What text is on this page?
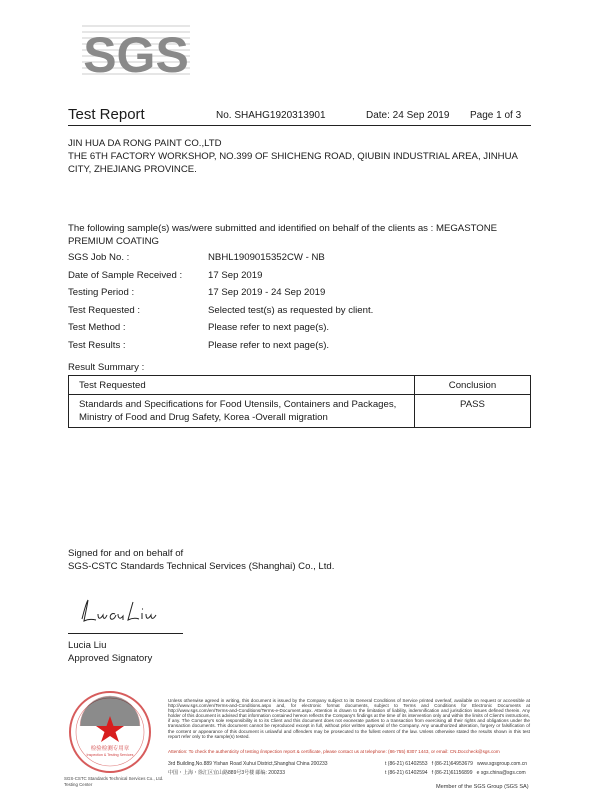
SGS
Test Report	No. SHAHG1920313901	Date: 24 Sep 2019 Page 1 of 3
JIN HUA DA RONG PAINT CO.,LTD
THE 6TH FACTORY WORKSHOP, NO.399 OF SHICHENG ROAD, QIUBIN INDUSTRIAL AREA, JINHUA CITY, ZHEJIANG PROVINCE.
The following sample(s) was/were submitted and identified on behalf of the clients as : MEGASTONE PREMIUM COATING
SGS Job No. :	NBHL1909015352CW - NB
Date of Sample Received :	17 Sep 2019
Testing Period :	17 Sep 2019 - 24 Sep 2019
Test Requested :	Selected test(s) as requested by client.
Test Method :	Please refer to next page(s).
Test Results :	Please refer to next page(s).
Result Summary :
Test Requested	Conclusion
Standards and Specifications for Food Utensils, Containers and Packages, Ministry of Food and Drug Safety, Korea -Overall migration	PASS
Signed for and on behalf of
SGS-CSTC Standards Technical Services (Shanghai) Co., Ltd.
Lucia Liu
Approved Signatory
检验检测专用章
Inspection & Testing Services
SGS-CSTC Standards Technical Services Co., Ltd. Testing Center
Unless otherwise agreed in writing, this document is issued by the Company subject to its General Conditions of Service printed overleaf, available on request or accessible at http://www.sgs.com/en/Terms-and-Conditions.aspx and, for electronic format documents, subject to Terms and Conditions for Electronic Documents at http://www.sgs.com/en/Terms-and-Conditions/Terms-e-Document.aspx. Attention is drawn to the limitation of liability, indemnification and jurisdiction issues defined therein. Any holder of this document is advised that information contained hereon reflects the Company's findings at the time of its intervention only and within the limits of Client's instructions, if any. The Company's sole responsibility is to its Client and this document does not exonerate parties to a transaction from exercising all their rights and obligations under the transaction documents. This document cannot be reproduced except in full, without prior written approval of the Company. Any unauthorized alteration, forgery or falsification of the content or appearance of this document is unlawful and offenders may be prosecuted to the fullest extent of the law. Unless otherwise stated the results shown in this test report refer only to the sample(s) tested.
Attention: To check the authenticity of testing /inspection report & certificate, please contact us at telephone: (86-755) 8307 1443, or email: CN.Doccheck@sgs.com
3rd Building,No.889 Yishan Road Xuhui District,Shanghai China 200233	t (86-21) 61402553 f (86-21)64953679 www.sgsgroup.com.cn
中国・上海・徐汇区宜山路889号3号楼 邮编: 200233	t (86-21) 61402594 f (86-21)61156899 e sgs.china@sgs.com
Member of the SGS Group (SGS SA)
